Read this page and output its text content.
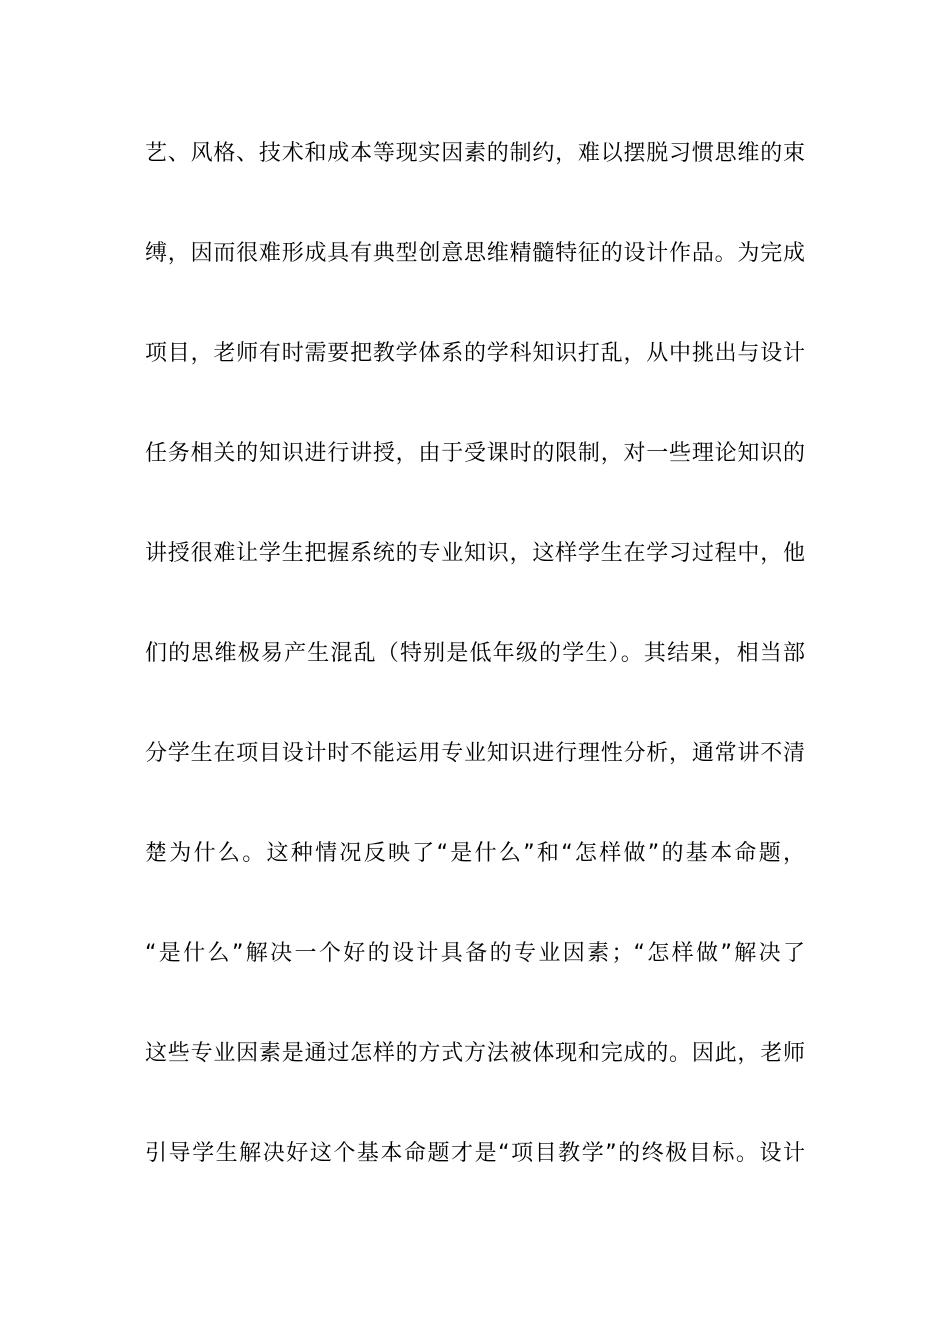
艺、风格、技术和成本等现实因素的制约，难以摆脱习惯思维的束
缚，因而很难形成具有典型创意思维精髓特征的设计作品。为完成
项目，老师有时需要把教学体系的学科知识打乱，从中挑出与设计
任务相关的知识进行讲授，由于受课时的限制，对一些理论知识的
讲授很难让学生把握系统的专业知识，这样学生在学习过程中，他
们的思维极易产生混乱（特别是低年级的学生）。其结果，相当部
分学生在项目设计时不能运用专业知识进行理性分析，通常讲不清
楚为什么。这种情况反映了“是什么”和“怎样做”的基本命题，
“是什么”解决一个好的设计具备的专业因素；“怎样做”解决了
这些专业因素是通过怎样的方式方法被体现和完成的。因此，老师
引导学生解决好这个基本命题才是“项目教学”的终极目标。设计
